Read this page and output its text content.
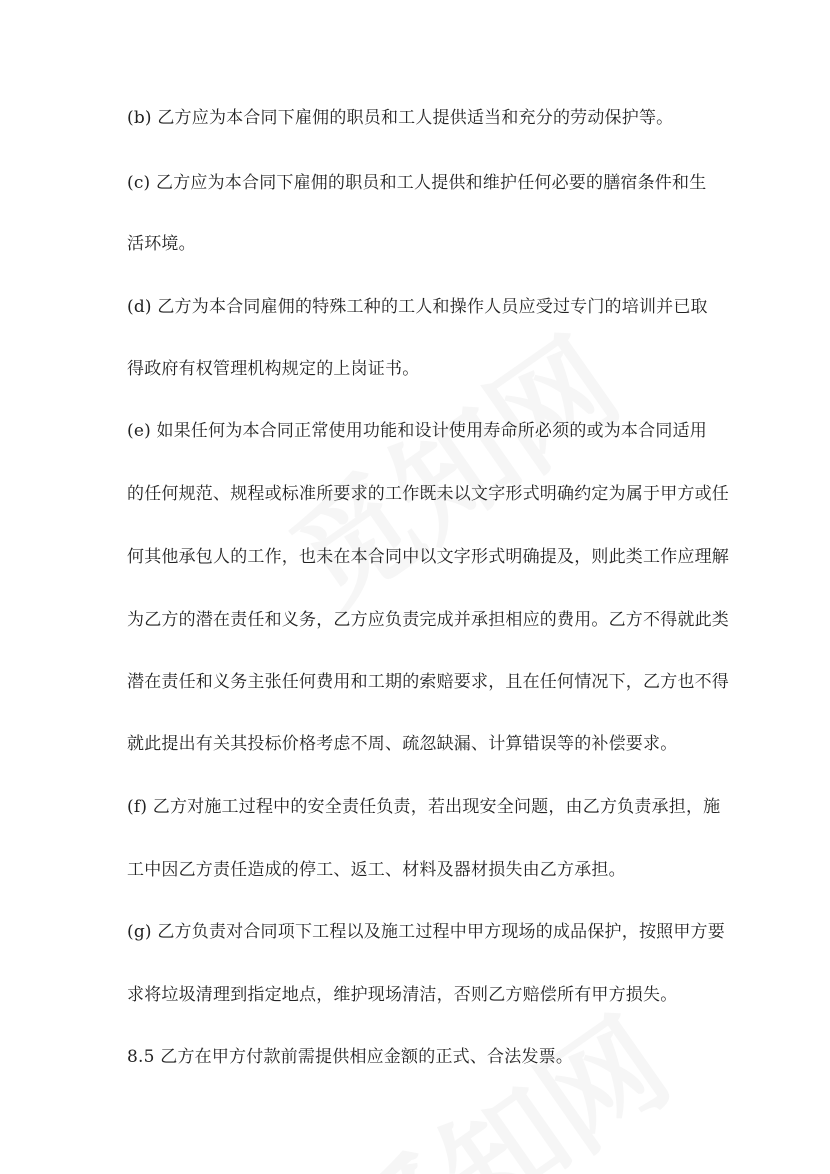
(b) 乙方应为本合同下雇佣的职员和工人提供适当和充分的劳动保护等。
(c) 乙方应为本合同下雇佣的职员和工人提供和维护任何必要的膳宿条件和生
活环境。
(d) 乙方为本合同雇佣的特殊工种的工人和操作人员应受过专门的培训并已取
得政府有权管理机构规定的上岗证书。
(e) 如果任何为本合同正常使用功能和设计使用寿命所必须的或为本合同适用
的任何规范、规程或标准所要求的工作既未以文字形式明确约定为属于甲方或任
何其他承包人的工作，也未在本合同中以文字形式明确提及，则此类工作应理解
为乙方的潜在责任和义务，乙方应负责完成并承担相应的费用。乙方不得就此类
潜在责任和义务主张任何费用和工期的索赔要求，且在任何情况下，乙方也不得
就此提出有关其投标价格考虑不周、疏忽缺漏、计算错误等的补偿要求。
(f) 乙方对施工过程中的安全责任负责，若出现安全问题，由乙方负责承担，施
工中因乙方责任造成的停工、返工、材料及器材损失由乙方承担。
(g) 乙方负责对合同项下工程以及施工过程中甲方现场的成品保护，按照甲方要
求将垃圾清理到指定地点，维护现场清洁，否则乙方赔偿所有甲方损失。
8.5 乙方在甲方付款前需提供相应金额的正式、合法发票。
